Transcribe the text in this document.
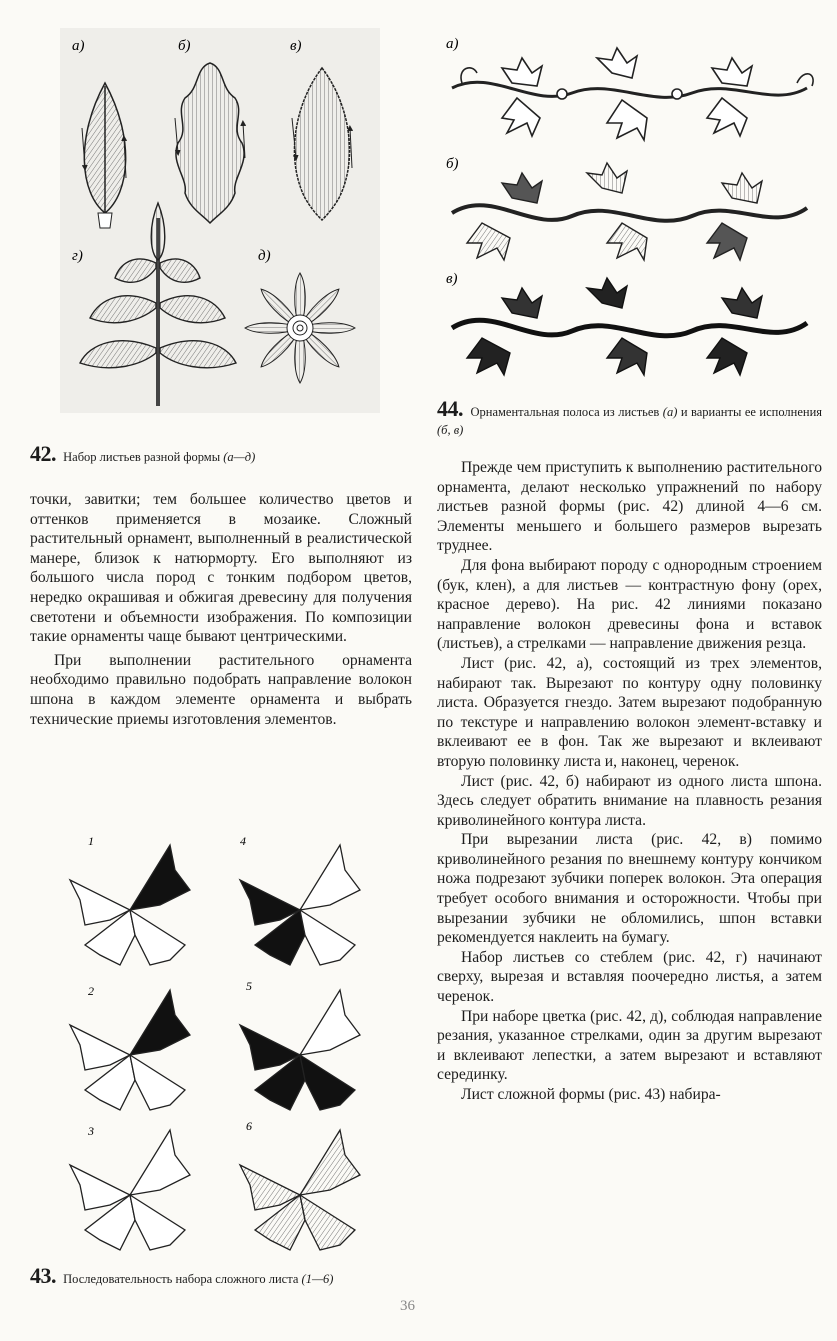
а)	б)	в)
г)	д)
42. Набор листьев разной формы (а—д)
а)
б)
в)
44. Орнаментальная полоса из листьев (а) и варианты ее исполнения (б, в)

точки, завитки; тем большее количество цветов и оттенков применяется в мозаике. Сложный растительный орнамент, выполненный в реалистической манере, близок к натюрморту. Его выполняют из большого числа пород с тонким подбором цветов, нередко окрашивая и обжигая древесину для получения светотени и объемности изображения. По композиции такие орнаменты чаще бывают центрическими.

При выполнении растительного орнамента необходимо правильно подобрать направление волокон шпона в каждом элементе орнамента и выбрать технические приемы изготовления элементов.

1	4
2	5
3	6
43. Последовательность набора сложного листа (1—6)

Прежде чем приступить к выполнению растительного орнамента, делают несколько упражнений по набору листьев разной формы (рис. 42) длиной 4—6 см. Элементы меньшего и большего размеров вырезать труднее.

Для фона выбирают породу с однородным строением (бук, клен), а для листьев — контрастную фону (орех, красное дерево). На рис. 42 линиями показано направление волокон древесины фона и вставок (листьев), а стрелками — направление движения резца.

Лист (рис. 42, а), состоящий из трех элементов, набирают так. Вырезают по контуру одну половинку листа. Образуется гнездо. Затем вырезают подобранную по текстуре и направлению волокон элемент-вставку и вклеивают ее в фон. Так же вырезают и вклеивают вторую половинку листа и, наконец, черенок.

Лист (рис. 42, б) набирают из одного листа шпона. Здесь следует обратить внимание на плавность резания криволинейного контура листа.

При вырезании листа (рис. 42, в) помимо криволинейного резания по внешнему контуру кончиком ножа подрезают зубчики поперек волокон. Эта операция требует особого внимания и осторожности. Чтобы при вырезании зубчики не обломились, шпон вставки рекомендуется наклеить на бумагу.

Набор листьев со стеблем (рис. 42, г) начинают сверху, вырезая и вставляя поочередно листья, а затем черенок.

При наборе цветка (рис. 42, д), соблюдая направление резания, указанное стрелками, один за другим вырезают и вклеивают лепестки, а затем вырезают и вставляют серединку.

Лист сложной формы (рис. 43) набира-

36
